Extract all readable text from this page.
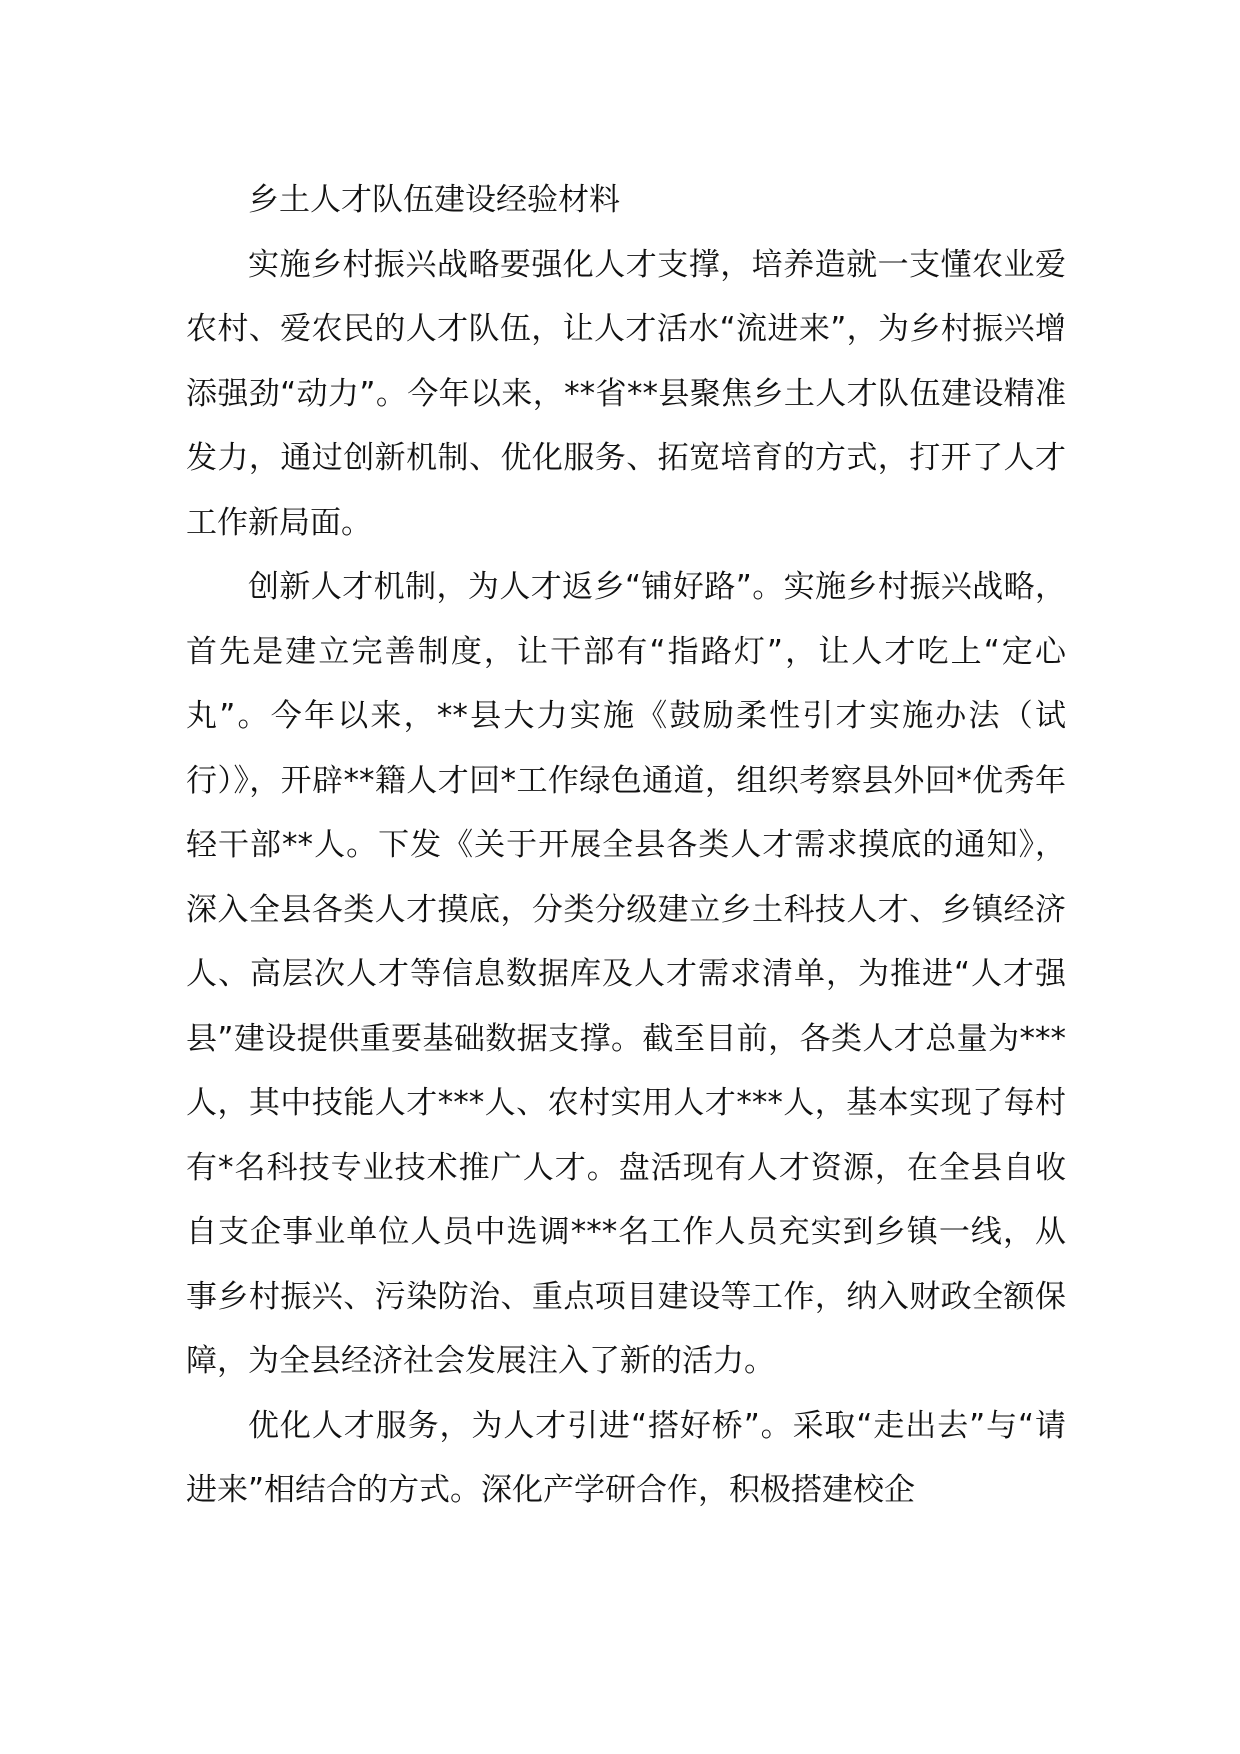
乡土人才队伍建设经验材料

实施乡村振兴战略要强化人才支撑，培养造就一支懂农业爱农村、爱农民的人才队伍，让人才活水“流进来”，为乡村振兴增添强劲“动力”。今年以来，**省**县聚焦乡土人才队伍建设精准发力，通过创新机制、优化服务、拓宽培育的方式，打开了人才工作新局面。

创新人才机制，为人才返乡“铺好路”。实施乡村振兴战略，首先是建立完善制度，让干部有“指路灯”，让人才吃上“定心丸”。今年以来，**县大力实施《鼓励柔性引才实施办法（试行）》，开辟**籍人才回*工作绿色通道，组织考察县外回*优秀年轻干部**人。下发《关于开展全县各类人才需求摸底的通知》，深入全县各类人才摸底，分类分级建立乡土科技人才、乡镇经济人、高层次人才等信息数据库及人才需求清单，为推进“人才强县”建设提供重要基础数据支撑。截至目前，各类人才总量为***人，其中技能人才***人、农村实用人才***人，基本实现了每村有*名科技专业技术推广人才。盘活现有人才资源，在全县自收自支企事业单位人员中选调***名工作人员充实到乡镇一线，从事乡村振兴、污染防治、重点项目建设等工作，纳入财政全额保障，为全县经济社会发展注入了新的活力。

优化人才服务，为人才引进“搭好桥”。采取“走出去”与“请进来”相结合的方式。深化产学研合作，积极搭建校企
